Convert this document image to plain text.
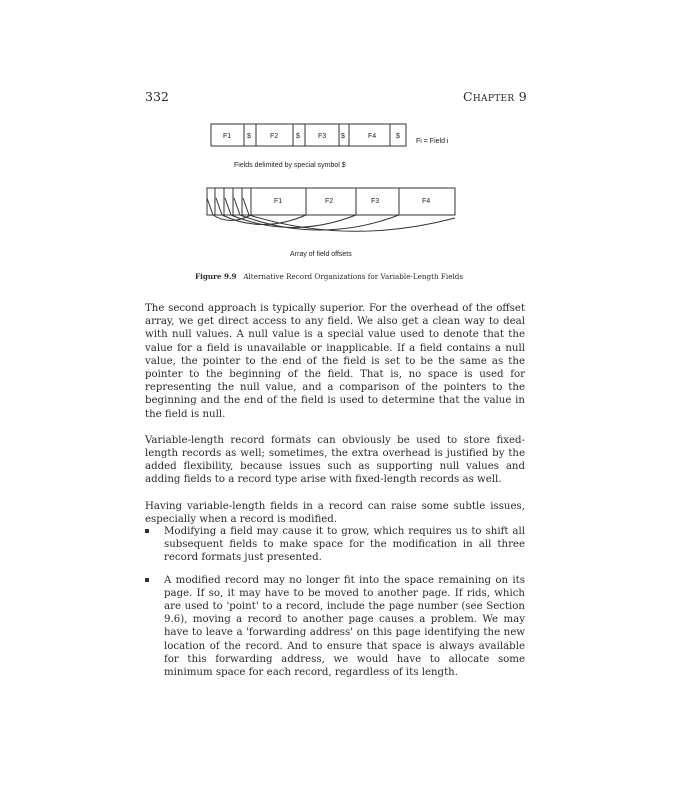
332	Chapter 9
F1 $	F2	$	F3 $	F4	$
Fi = Field i
Fields delimited by special symbol $
F1	F2	F3	F4
Array of field offsets
Figure 9.9 Alternative Record Organizations for Variable-Length Fields

The second approach is typically superior. For the overhead of the offset array, we get direct access to any field. We also get a clean way to deal with null values. A null value is a special value used to denote that the value for a field is unavailable or inapplicable. If a field contains a null value, the pointer to the end of the field is set to be the same as the pointer to the beginning of the field. That is, no space is used for representing the null value, and a comparison of the pointers to the beginning and the end of the field is used to determine that the value in the field is null.

Variable-length record formats can obviously be used to store fixed-length records as well; sometimes, the extra overhead is justified by the added flexibility, because issues such as supporting null values and adding fields to a record type arise with fixed-length records as well.

Having variable-length fields in a record can raise some subtle issues, especially when a record is modified.

Modifying a field may cause it to grow, which requires us to shift all subsequent fields to make space for the modification in all three record formats just presented.
A modified record may no longer fit into the space remaining on its page. If so, it may have to be moved to another page. If rids, which are used to 'point' to a record, include the page number (see Section 9.6), moving a record to another page causes a problem. We may have to leave a 'forwarding address' on this page identifying the new location of the record. And to ensure that space is always available for this forwarding address, we would have to allocate some minimum space for each record, regardless of its length.
